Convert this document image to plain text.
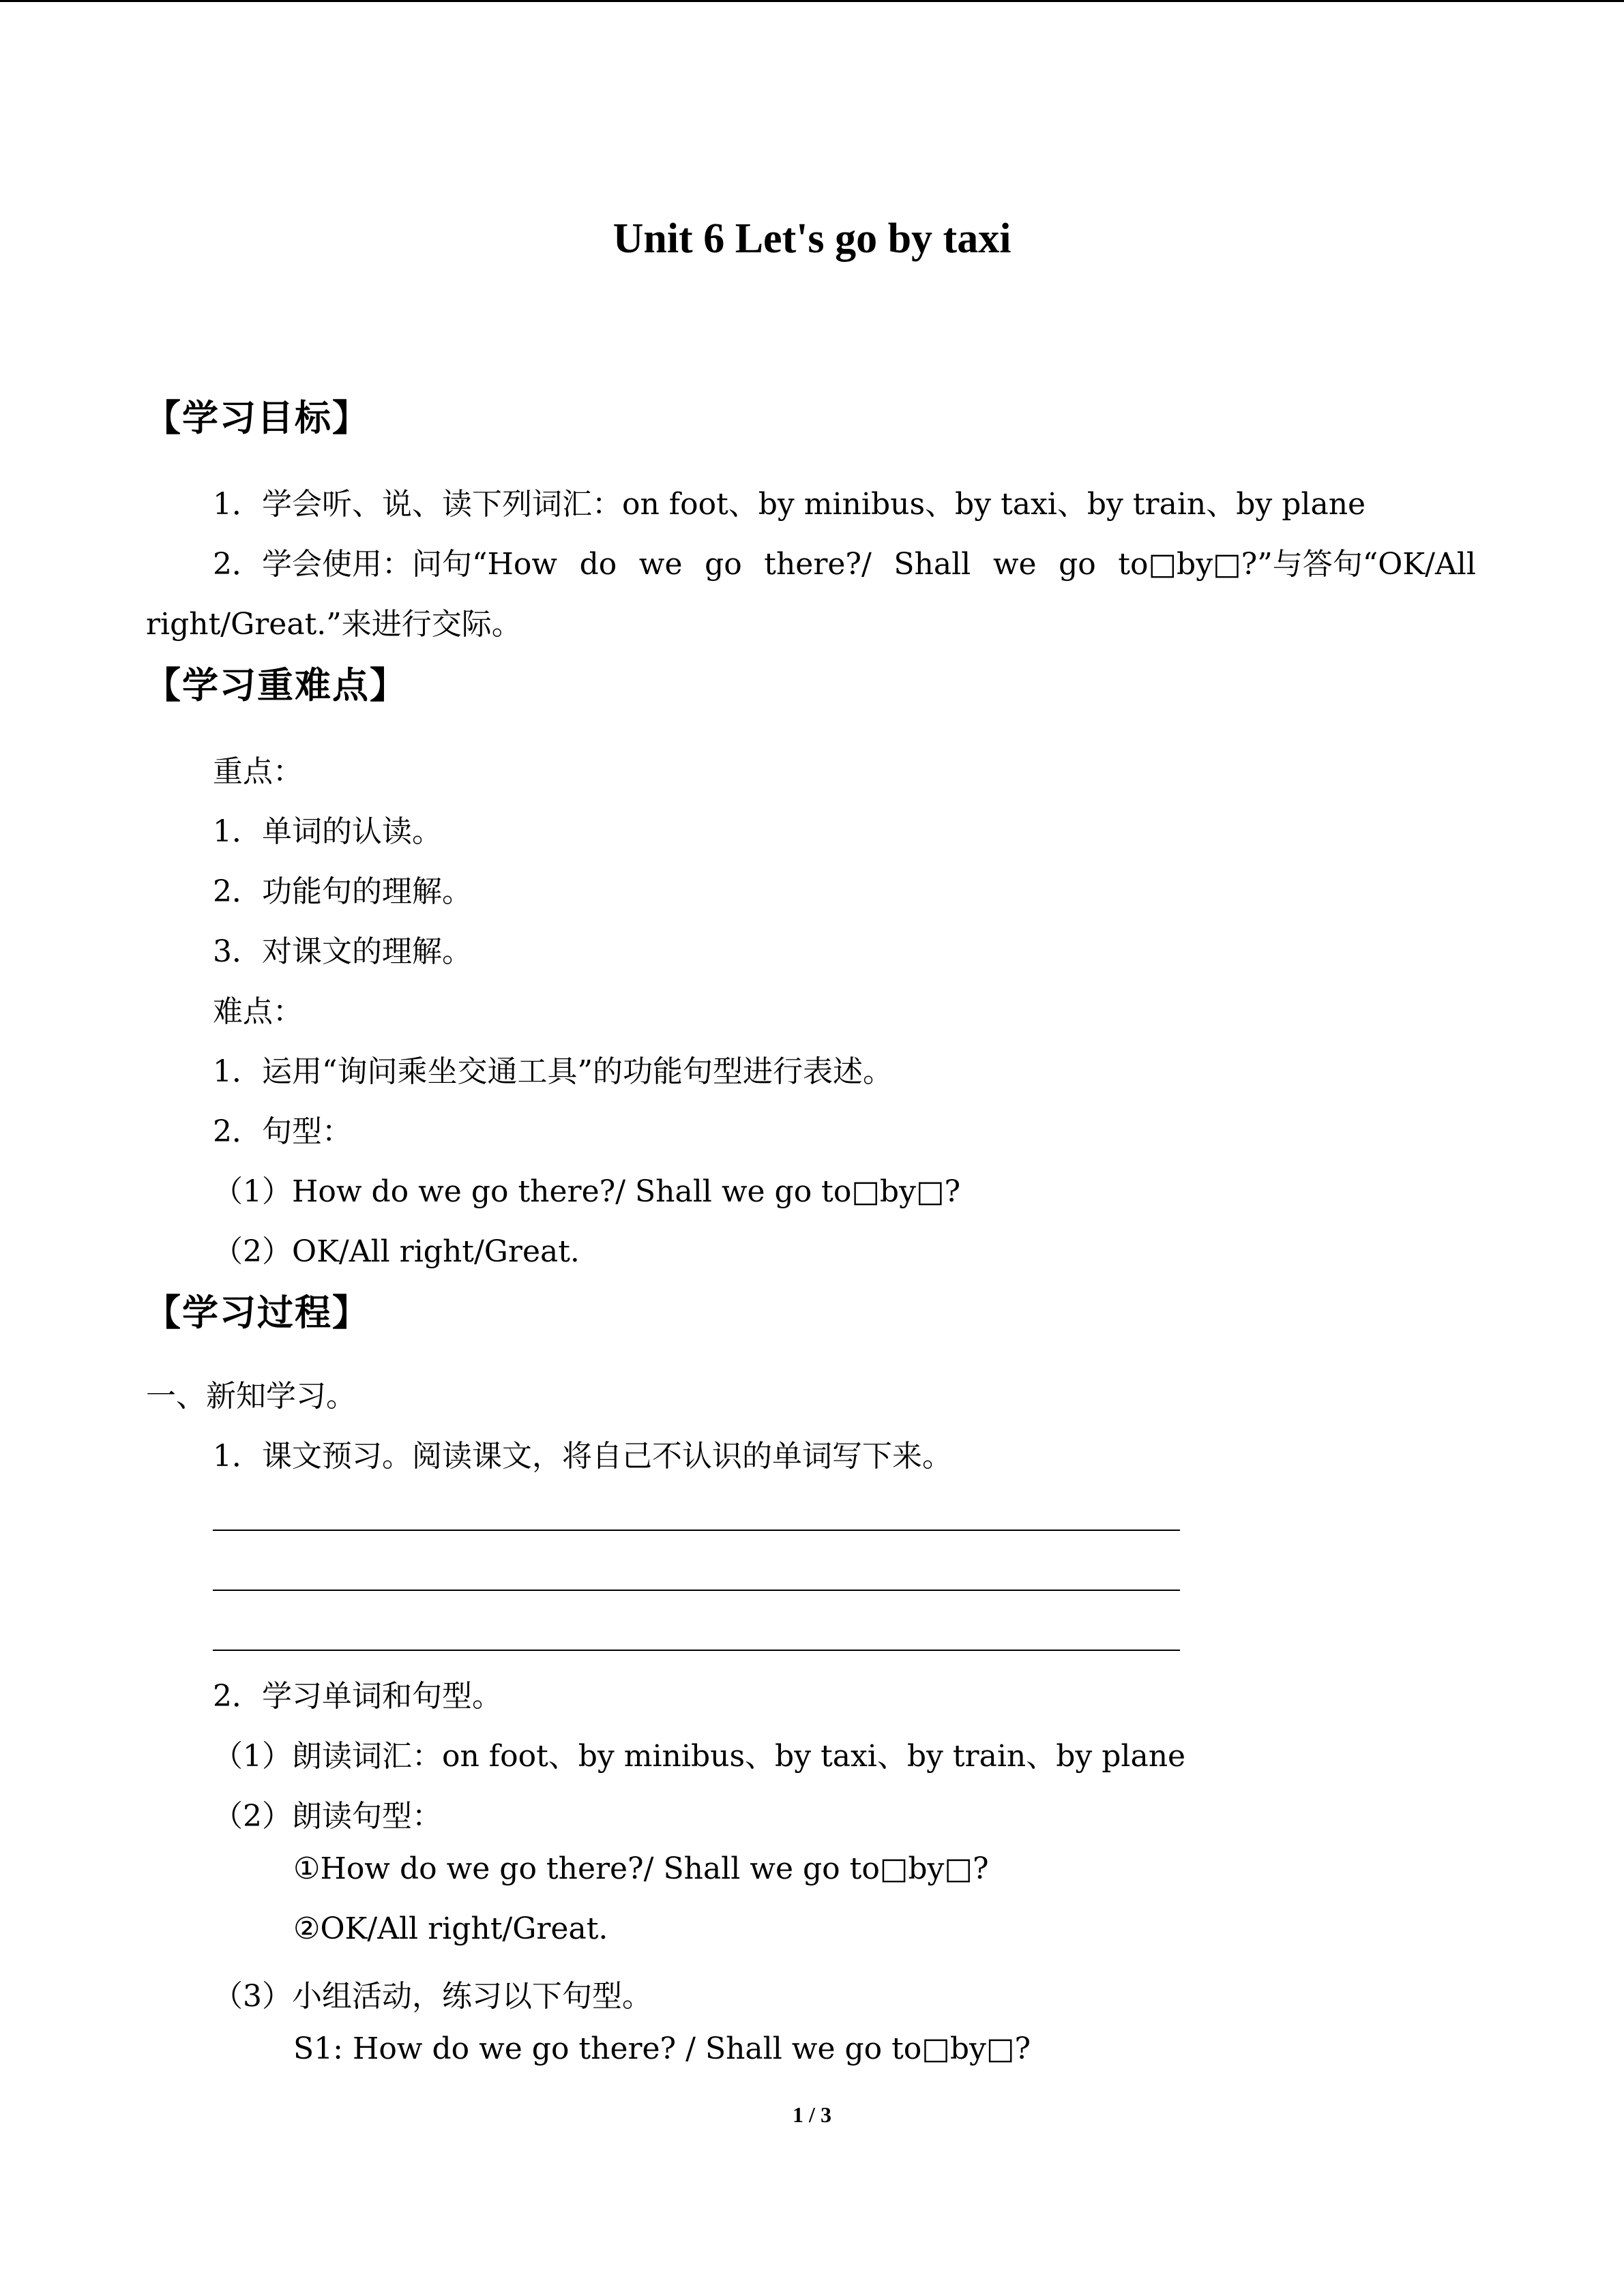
Unit 6 Let's go by taxi
【学习目标】
1．学会听、说、读下列词汇：on foot、by minibus、by taxi、by train、by plane
2．学会使用：问句“How do we go there?/ Shall we go to□by□?”与答句“OK/All
right/Great.”来进行交际。
【学习重难点】
重点：
1．单词的认读。
2．功能句的理解。
3．对课文的理解。
难点：
1．运用“询问乘坐交通工具”的功能句型进行表述。
2．句型：
（1）How do we go there?/ Shall we go to□by□?
（2）OK/All right/Great.
【学习过程】
一、新知学习。
1．课文预习。阅读课文，将自己不认识的单词写下来。
2．学习单词和句型。
（1）朗读词汇：on foot、by minibus、by taxi、by train、by plane
（2）朗读句型：
①How do we go there?/ Shall we go to□by□?
②OK/All right/Great.
（3）小组活动，练习以下句型。
S1: How do we go there? / Shall we go to□by□?
1 / 3
